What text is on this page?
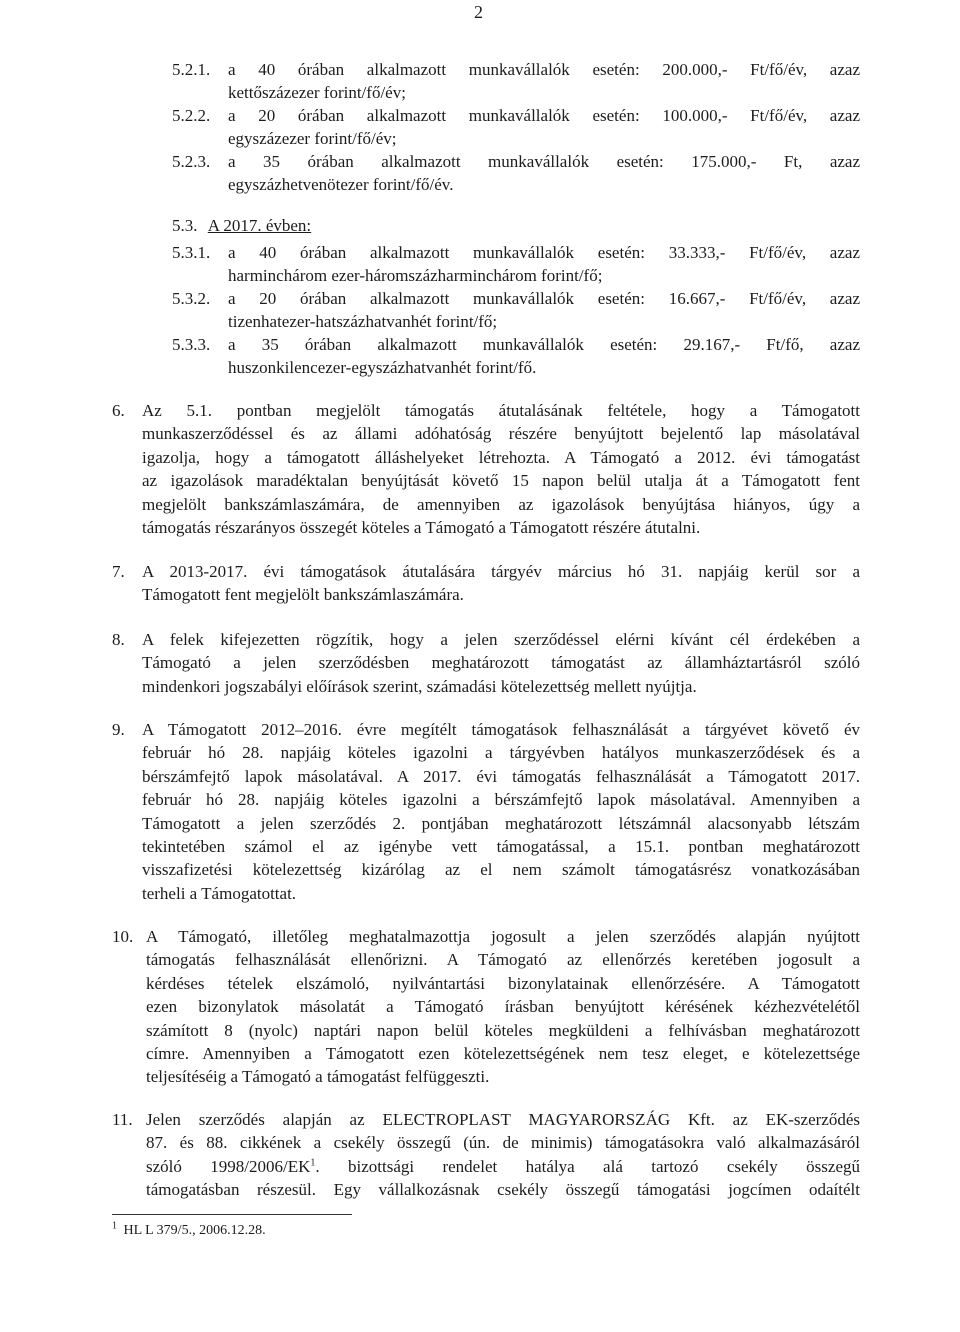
2
5.2.1. a 40 órában alkalmazott munkavállalók esetén: 200.000,- Ft/fő/év, azaz
kettőszázezer forint/fő/év;
5.2.2. a 20 órában alkalmazott munkavállalók esetén: 100.000,- Ft/fő/év, azaz
egyszázezer forint/fő/év;
5.2.3. a 35 órában alkalmazott munkavállalók esetén: 175.000,- Ft, azaz
egyszázhetvenötezer forint/fő/év.
5.3. A 2017. évben:
5.3.1. a 40 órában alkalmazott munkavállalók esetén: 33.333,- Ft/fő/év, azaz
harminchárom ezer-háromszázharminchárom forint/fő;
5.3.2. a 20 órában alkalmazott munkavállalók esetén: 16.667,- Ft/fő/év, azaz
tizenhatezer-hatszázhatvanhét forint/fő;
5.3.3. a 35 órában alkalmazott munkavállalók esetén: 29.167,- Ft/fő, azaz
huszonkilencezer-egyszázhatvanhét forint/fő.
6. Az 5.1. pontban megjelölt támogatás átutalásának feltétele, hogy a Támogatott
munkaszerződéssel és az állami adóhatóság részére benyújtott bejelentő lap másolatával
igazolja, hogy a támogatott álláshelyeket létrehozta. A Támogató a 2012. évi támogatást
az igazolások maradéktalan benyújtását követő 15 napon belül utalja át a Támogatott fent
megjelölt bankszámlaszámára, de amennyiben az igazolások benyújtása hiányos, úgy a
támogatás részarányos összegét köteles a Támogató a Támogatott részére átutalni.
7. A 2013-2017. évi támogatások átutalására tárgyév március hó 31. napjáig kerül sor a
Támogatott fent megjelölt bankszámlaszámára.
8. A felek kifejezetten rögzítik, hogy a jelen szerződéssel elérni kívánt cél érdekében a
Támogató a jelen szerződésben meghatározott támogatást az államháztartásról szóló
mindenkori jogszabályi előírások szerint, számadási kötelezettség mellett nyújtja.
9. A Támogatott 2012–2016. évre megítélt támogatások felhasználását a tárgyévet követő év
február hó 28. napjáig köteles igazolni a tárgyévben hatályos munkaszerződések és a
bérszámfejtő lapok másolatával. A 2017. évi támogatás felhasználását a Támogatott 2017.
február hó 28. napjáig köteles igazolni a bérszámfejtő lapok másolatával. Amennyiben a
Támogatott a jelen szerződés 2. pontjában meghatározott létszámnál alacsonyabb létszám
tekintetében számol el az igénybe vett támogatással, a 15.1. pontban meghatározott
visszafizetési kötelezettség kizárólag az el nem számolt támogatásrész vonatkozásában
terheli a Támogatottat.
10. A Támogató, illetőleg meghatalmazottja jogosult a jelen szerződés alapján nyújtott
támogatás felhasználását ellenőrizni. A Támogató az ellenőrzés keretében jogosult a
kérdéses tételek elszámoló, nyilvántartási bizonylatainak ellenőrzésére. A Támogatott
ezen bizonylatok másolatát a Támogató írásban benyújtott kérésének kézhezvételétől
számított 8 (nyolc) naptári napon belül köteles megküldeni a felhívásban meghatározott
címre. Amennyiben a Támogatott ezen kötelezettségének nem tesz eleget, e kötelezettsége
teljesítéséig a Támogató a támogatást felfüggeszti.
11. Jelen szerződés alapján az ELECTROPLAST MAGYARORSZÁG Kft. az EK-szerződés
87. és 88. cikkének a csekély összegű (ún. de minimis) támogatásokra való alkalmazásáról
szóló $1998/2006/EK^1$. bizottsági rendelet hatálya alá tartozó csekély összegű
támogatásban részesül. Egy vállalkozásnak csekély összegű támogatási jogcímen odaítélt
$^1$ HL L 379/5., 2006.12.28.
